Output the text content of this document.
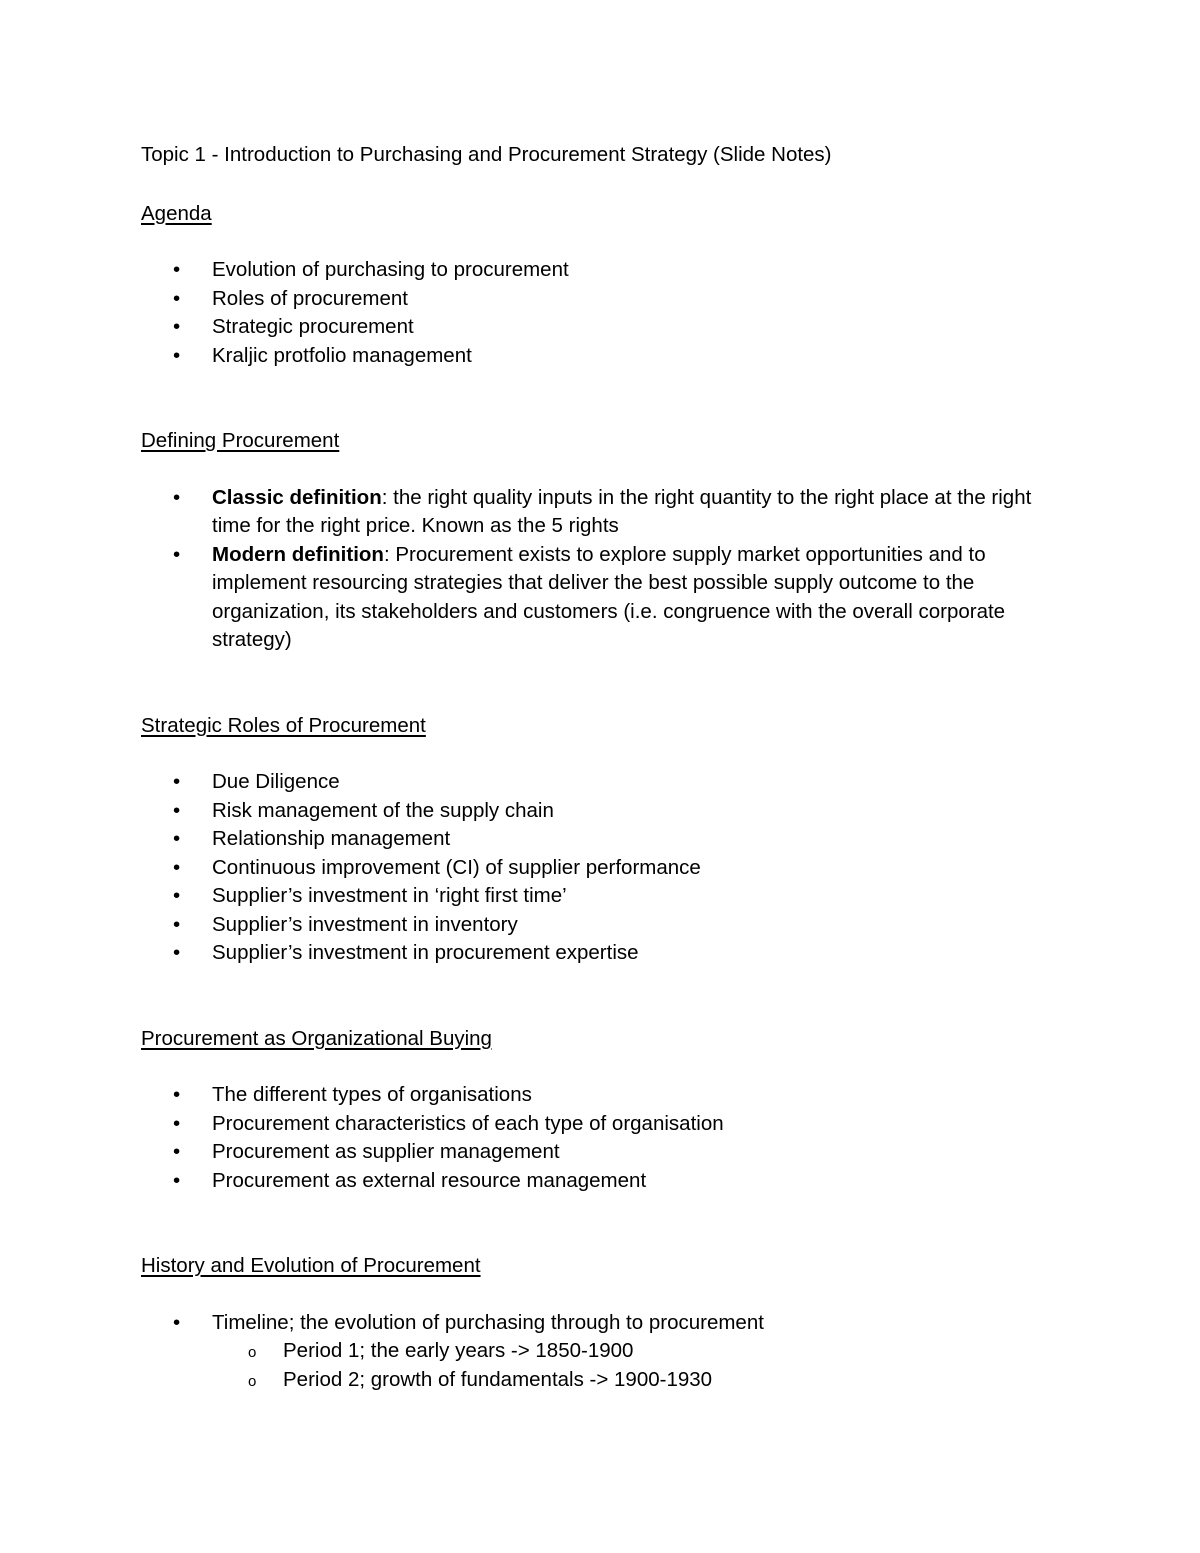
Topic 1 - Introduction to Purchasing and Procurement Strategy (Slide Notes)

Agenda

• Evolution of purchasing to procurement
• Roles of procurement
• Strategic procurement
• Kraljic protfolio management

Defining Procurement

• Classic definition: the right quality inputs in the right quantity to the right place at the right time for the right price. Known as the 5 rights
• Modern definition: Procurement exists to explore supply market opportunities and to implement resourcing strategies that deliver the best possible supply outcome to the organization, its stakeholders and customers (i.e. congruence with the overall corporate strategy)

Strategic Roles of Procurement

• Due Diligence
• Risk management of the supply chain
• Relationship management
• Continuous improvement (CI) of supplier performance
• Supplier’s investment in ‘right first time’
• Supplier’s investment in inventory
• Supplier’s investment in procurement expertise

Procurement as Organizational Buying

• The different types of organisations
• Procurement characteristics of each type of organisation
• Procurement as supplier management
• Procurement as external resource management

History and Evolution of Procurement

• Timeline; the evolution of purchasing through to procurement
o Period 1; the early years -> 1850-1900
o Period 2; growth of fundamentals -> 1900-1930
